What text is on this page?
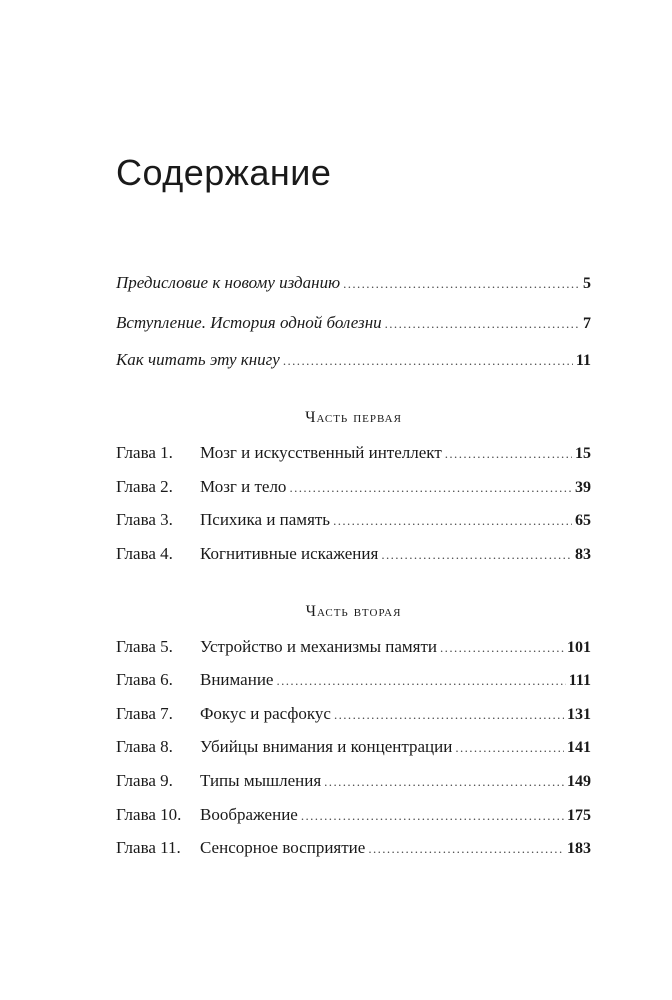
Содержание
Предисловие к новому изданию .....	5
Вступление. История одной болезни .....	7
Как читать эту книгу .....	11
Часть первая
Глава 1.	Мозг и искусственный интеллект .....	15
Глава 2.	Мозг и тело .....	39
Глава 3.	Психика и память .....	65
Глава 4.	Когнитивные искажения .....	83
Часть вторая
Глава 5.	Устройство и механизмы памяти .....	101
Глава 6.	Внимание .....	111
Глава 7.	Фокус и расфокус .....	131
Глава 8.	Убийцы внимания и концентрации .....	141
Глава 9.	Типы мышления .....	149
Глава 10.	Воображение .....	175
Глава 11.	Сенсорное восприятие .....	183
